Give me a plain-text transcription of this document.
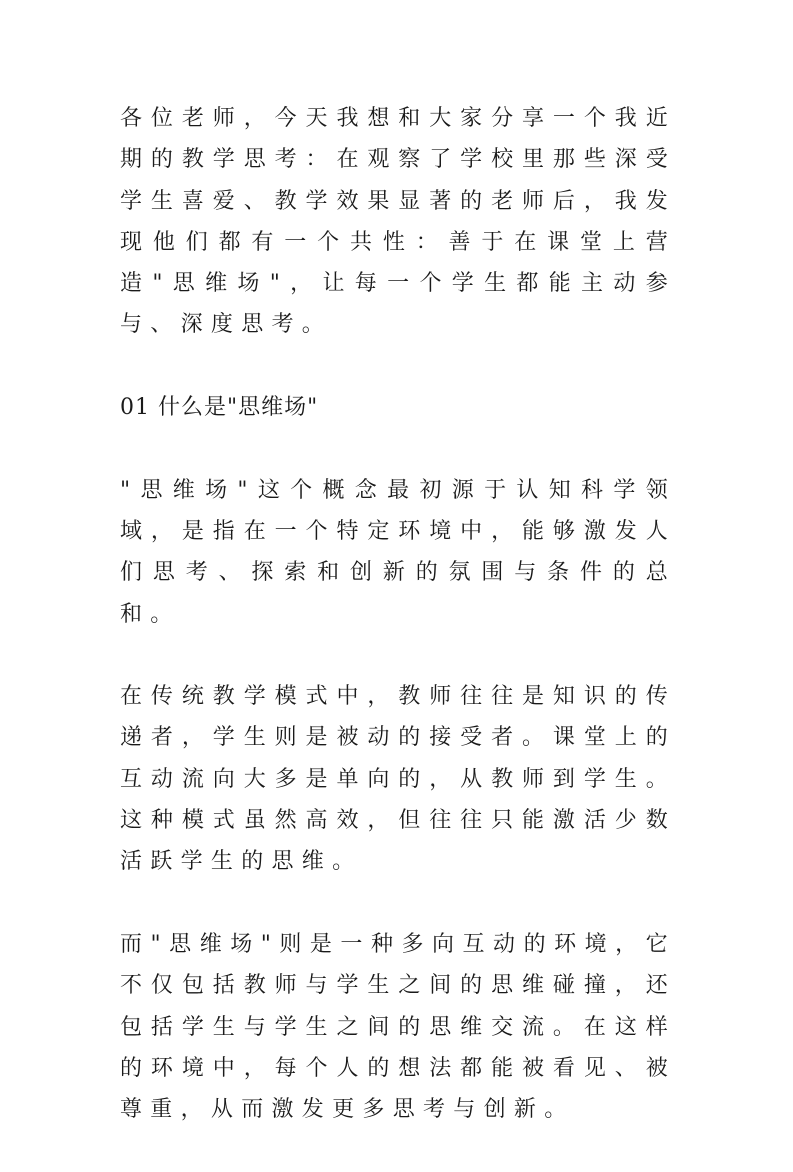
各位老师，今天我想和大家分享一个我近期的教学思考：在观察了学校里那些深受学生喜爱、教学效果显著的老师后，我发现他们都有一个共性：善于在课堂上营造"思维场"，让每一个学生都能主动参与、深度思考。

01 什么是"思维场"

"思维场"这个概念最初源于认知科学领域，是指在一个特定环境中，能够激发人们思考、探索和创新的氛围与条件的总和。

在传统教学模式中，教师往往是知识的传递者，学生则是被动的接受者。课堂上的互动流向大多是单向的，从教师到学生。这种模式虽然高效，但往往只能激活少数活跃学生的思维。

而"思维场"则是一种多向互动的环境，它不仅包括教师与学生之间的思维碰撞，还包括学生与学生之间的思维交流。在这样的环境中，每个人的想法都能被看见、被尊重，从而激发更多思考与创新。
